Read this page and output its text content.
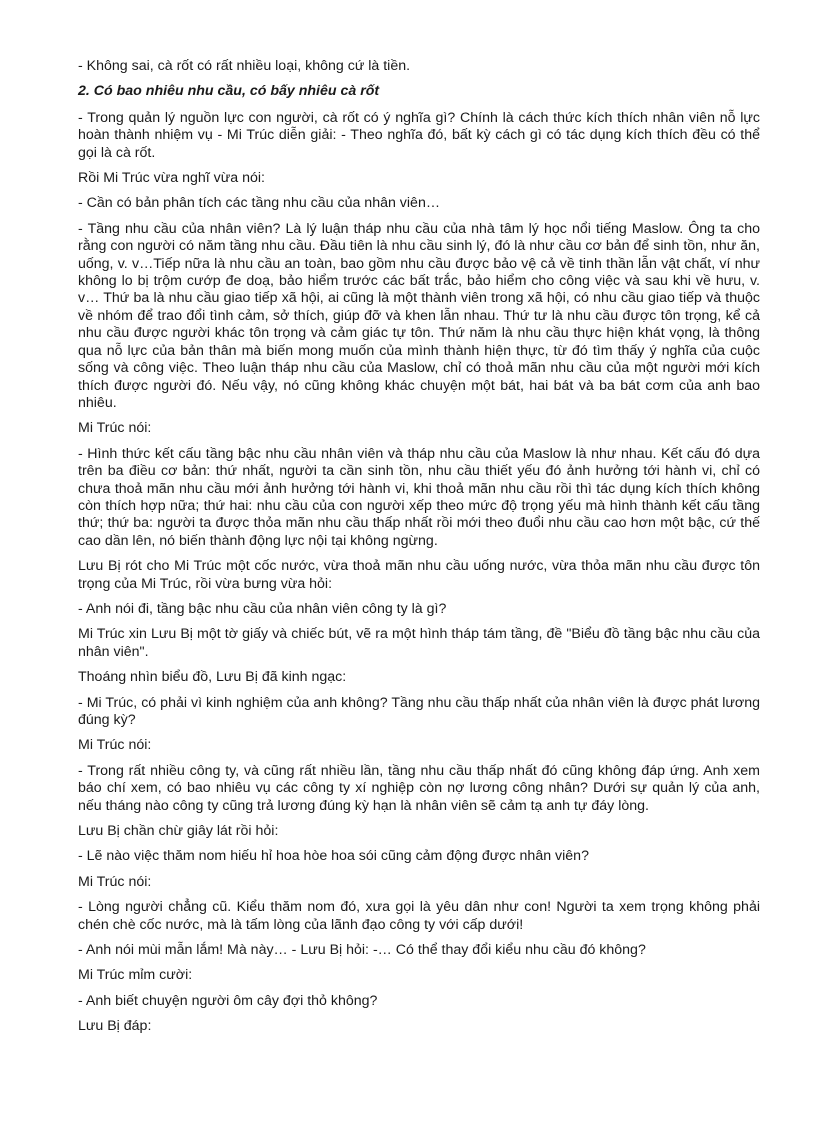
- Không sai, cà rốt có rất nhiều loại, không cứ là tiền.

2. Có bao nhiêu nhu cầu, có bấy nhiêu cà rốt

- Trong quản lý nguồn lực con người, cà rốt có ý nghĩa gì? Chính là cách thức kích thích nhân viên nỗ lực hoàn thành nhiệm vụ - Mi Trúc diễn giải: - Theo nghĩa đó, bất kỳ cách gì có tác dụng kích thích đều có thể gọi là cà rốt.

Rồi Mi Trúc vừa nghĩ vừa nói:

- Cần có bản phân tích các tầng nhu cầu của nhân viên…

- Tầng nhu cầu của nhân viên? Là lý luận tháp nhu cầu của nhà tâm lý học nổi tiếng Maslow. Ông ta cho rằng con người có năm tầng nhu cầu. Đầu tiên là nhu cầu sinh lý, đó là như cầu cơ bản để sinh tồn, như ăn, uống, v. v…Tiếp nữa là nhu cầu an toàn, bao gồm nhu cầu được bảo vệ cả về tinh thần lẫn vật chất, ví như không lo bị trộm cướp đe doạ, bảo hiểm trước các bất trắc, bảo hiểm cho công việc và sau khi về hưu, v. v… Thứ ba là nhu cầu giao tiếp xã hội, ai cũng là một thành viên trong xã hội, có nhu cầu giao tiếp và thuộc về nhóm để trao đổi tình cảm, sở thích, giúp đỡ và khen lẫn nhau. Thứ tư là nhu cầu được tôn trọng, kể cả nhu cầu được người khác tôn trọng và cảm giác tự tôn. Thứ năm là nhu cầu thực hiện khát vọng, là thông qua nỗ lực của bản thân mà biến mong muốn của mình thành hiện thực, từ đó tìm thấy ý nghĩa của cuộc sống và công việc. Theo luận tháp nhu cầu của Maslow, chỉ có thoả mãn nhu cầu của một người mới kích thích được người đó. Nếu vậy, nó cũng không khác chuyện một bát, hai bát và ba bát cơm của anh bao nhiêu.

Mi Trúc nói:

- Hình thức kết cấu tầng bậc nhu cầu nhân viên và tháp nhu cầu của Maslow là như nhau. Kết cấu đó dựa trên ba điều cơ bản: thứ nhất, người ta cần sinh tồn, nhu cầu thiết yếu đó ảnh hưởng tới hành vi, chỉ có chưa thoả mãn nhu cầu mới ảnh hưởng tới hành vi, khi thoả mãn nhu cầu rồi thì tác dụng kích thích không còn thích hợp nữa; thứ hai: nhu cầu của con người xếp theo mức độ trọng yếu mà hình thành kết cấu tầng thứ; thứ ba: người ta được thỏa mãn nhu cầu thấp nhất rồi mới theo đuổi nhu cầu cao hơn một bậc, cứ thế cao dần lên, nó biến thành động lực nội tại không ngừng.

Lưu Bị rót cho Mi Trúc một cốc nước, vừa thoả mãn nhu cầu uống nước, vừa thỏa mãn nhu cầu được tôn trọng của Mi Trúc, rồi vừa bưng vừa hỏi:

- Anh nói đi, tầng bậc nhu cầu của nhân viên công ty là gì?

Mi Trúc xin Lưu Bị một tờ giấy và chiếc bút, vẽ ra một hình tháp tám tầng, đề "Biểu đồ tầng bậc nhu cầu của nhân viên".

Thoáng nhìn biểu đồ, Lưu Bị đã kinh ngạc:

- Mi Trúc, có phải vì kinh nghiệm của anh không? Tầng nhu cầu thấp nhất của nhân viên là được phát lương đúng kỳ?

Mi Trúc nói:

- Trong rất nhiều công ty, và cũng rất nhiều lần, tầng nhu cầu thấp nhất đó cũng không đáp ứng. Anh xem báo chí xem, có bao nhiêu vụ các công ty xí nghiệp còn nợ lương công nhân? Dưới sự quản lý của anh, nếu tháng nào công ty cũng trả lương đúng kỳ hạn là nhân viên sẽ cảm tạ anh tự đáy lòng.

Lưu Bị chần chừ giây lát rồi hỏi:

- Lẽ nào việc thăm nom hiếu hỉ hoa hòe hoa sói cũng cảm động được nhân viên?

Mi Trúc nói:

- Lòng người chẳng cũ. Kiểu thăm nom đó, xưa gọi là yêu dân như con! Người ta xem trọng không phải chén chè cốc nước, mà là tấm lòng của lãnh đạo công ty với cấp dưới!

- Anh nói mùi mẫn lắm! Mà này… - Lưu Bị hỏi: -… Có thể thay đổi kiểu nhu cầu đó không?

Mi Trúc mỉm cười:

- Anh biết chuyện người ôm cây đợi thỏ không?

Lưu Bị đáp:
